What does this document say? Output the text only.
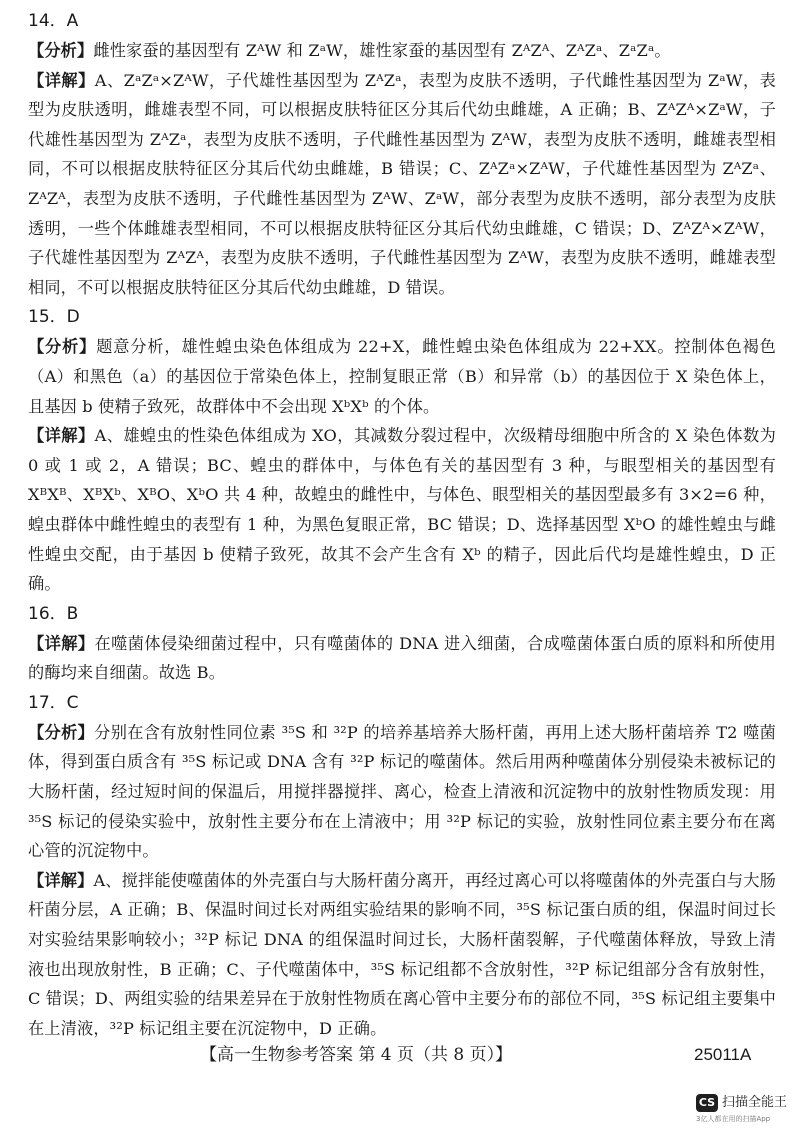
14．A

【分析】雌性家蚕的基因型有 ZᴬW 和 ZᵃW，雄性家蚕的基因型有 ZᴬZᴬ、ZᴬZᵃ、ZᵃZᵃ。

【详解】A、ZᵃZᵃ×ZᴬW，子代雄性基因型为 ZᴬZᵃ，表型为皮肤不透明，子代雌性基因型为 ZᵃW，表型为皮肤透明，雌雄表型不同，可以根据皮肤特征区分其后代幼虫雌雄，A 正确；B、ZᴬZᴬ×ZᵃW，子代雄性基因型为 ZᴬZᵃ，表型为皮肤不透明，子代雌性基因型为 ZᴬW，表型为皮肤不透明，雌雄表型相同，不可以根据皮肤特征区分其后代幼虫雌雄，B 错误；C、ZᴬZᵃ×ZᴬW，子代雄性基因型为 ZᴬZᵃ、ZᴬZᴬ，表型为皮肤不透明，子代雌性基因型为 ZᴬW、ZᵃW，部分表型为皮肤不透明，部分表型为皮肤透明，一些个体雌雄表型相同，不可以根据皮肤特征区分其后代幼虫雌雄，C 错误；D、ZᴬZᴬ×ZᴬW，子代雄性基因型为 ZᴬZᴬ，表型为皮肤不透明，子代雌性基因型为 ZᴬW，表型为皮肤不透明，雌雄表型相同，不可以根据皮肤特征区分其后代幼虫雌雄，D 错误。

15．D

【分析】题意分析，雄性蝗虫染色体组成为 22+X，雌性蝗虫染色体组成为 22+XX。控制体色褐色（A）和黑色（a）的基因位于常染色体上，控制复眼正常（B）和异常（b）的基因位于 X 染色体上，且基因 b 使精子致死，故群体中不会出现 XᵇXᵇ 的个体。

【详解】A、雄蝗虫的性染色体组成为 XO，其减数分裂过程中，次级精母细胞中所含的 X 染色体数为 0 或 1 或 2，A 错误；BC、蝗虫的群体中，与体色有关的基因型有 3 种，与眼型相关的基因型有 XᴮXᴮ、XᴮXᵇ、XᴮO、XᵇO 共 4 种，故蝗虫的雌性中，与体色、眼型相关的基因型最多有 3×2=6 种，蝗虫群体中雌性蝗虫的表型有 1 种，为黑色复眼正常，BC 错误；D、选择基因型 XᵇO 的雄性蝗虫与雌性蝗虫交配，由于基因 b 使精子致死，故其不会产生含有 Xᵇ 的精子，因此后代均是雄性蝗虫，D 正确。

16．B

【详解】在噬菌体侵染细菌过程中，只有噬菌体的 DNA 进入细菌，合成噬菌体蛋白质的原料和所使用的酶均来自细菌。故选 B。

17．C

【分析】分别在含有放射性同位素 ³⁵S 和 ³²P 的培养基培养大肠杆菌，再用上述大肠杆菌培养 T2 噬菌体，得到蛋白质含有 ³⁵S 标记或 DNA 含有 ³²P 标记的噬菌体。然后用两种噬菌体分别侵染未被标记的大肠杆菌，经过短时间的保温后，用搅拌器搅拌、离心，检查上清液和沉淀物中的放射性物质发现：用 ³⁵S 标记的侵染实验中，放射性主要分布在上清液中；用 ³²P 标记的实验，放射性同位素主要分布在离心管的沉淀物中。

【详解】A、搅拌能使噬菌体的外壳蛋白与大肠杆菌分离开，再经过离心可以将噬菌体的外壳蛋白与大肠杆菌分层，A 正确；B、保温时间过长对两组实验结果的影响不同，³⁵S 标记蛋白质的组，保温时间过长对实验结果影响较小；³²P 标记 DNA 的组保温时间过长，大肠杆菌裂解，子代噬菌体释放，导致上清液也出现放射性，B 正确；C、子代噬菌体中，³⁵S 标记组都不含放射性，³²P 标记组部分含有放射性，C 错误；D、两组实验的结果差异在于放射性物质在离心管中主要分布的部位不同，³⁵S 标记组主要集中在上清液，³²P 标记组主要在沉淀物中，D 正确。

【高一生物参考答案 第 4 页（共 8 页）】	25011A
CS 扫描全能王
3亿人都在用的扫描App
